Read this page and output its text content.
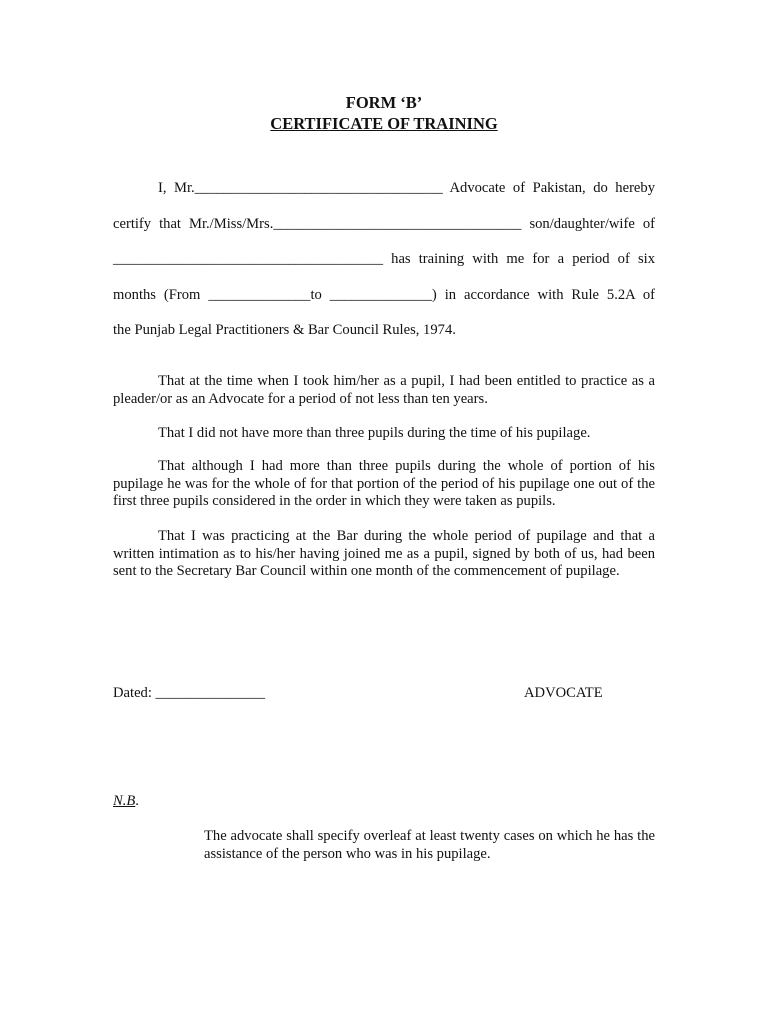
FORM ‘B’
CERTIFICATE OF TRAINING
I, Mr.__________________________________ Advocate of Pakistan, do hereby
certify that Mr./Miss/Mrs.__________________________________ son/daughter/wife of
_____________________________________ has training with me for a period of six
months (From ______________to ______________) in accordance with Rule 5.2A of
the Punjab Legal Practitioners & Bar Council Rules, 1974.
That at the time when I took him/her as a pupil, I had been entitled to practice as a pleader/or as an Advocate for a period of not less than ten years.
That I did not have more than three pupils during the time of his pupilage.
That although I had more than three pupils during the whole of portion of his pupilage he was for the whole of for that portion of the period of his pupilage one out of the first three pupils considered in the order in which they were taken as pupils.
That I was practicing at the Bar during the whole period of pupilage and that a written intimation as to his/her having joined me as a pupil, signed by both of us, had been sent to the Secretary Bar Council within one month of the commencement of pupilage.
Dated: _______________	ADVOCATE
N.B.
The advocate shall specify overleaf at least twenty cases on which he has the assistance of the person who was in his pupilage.
